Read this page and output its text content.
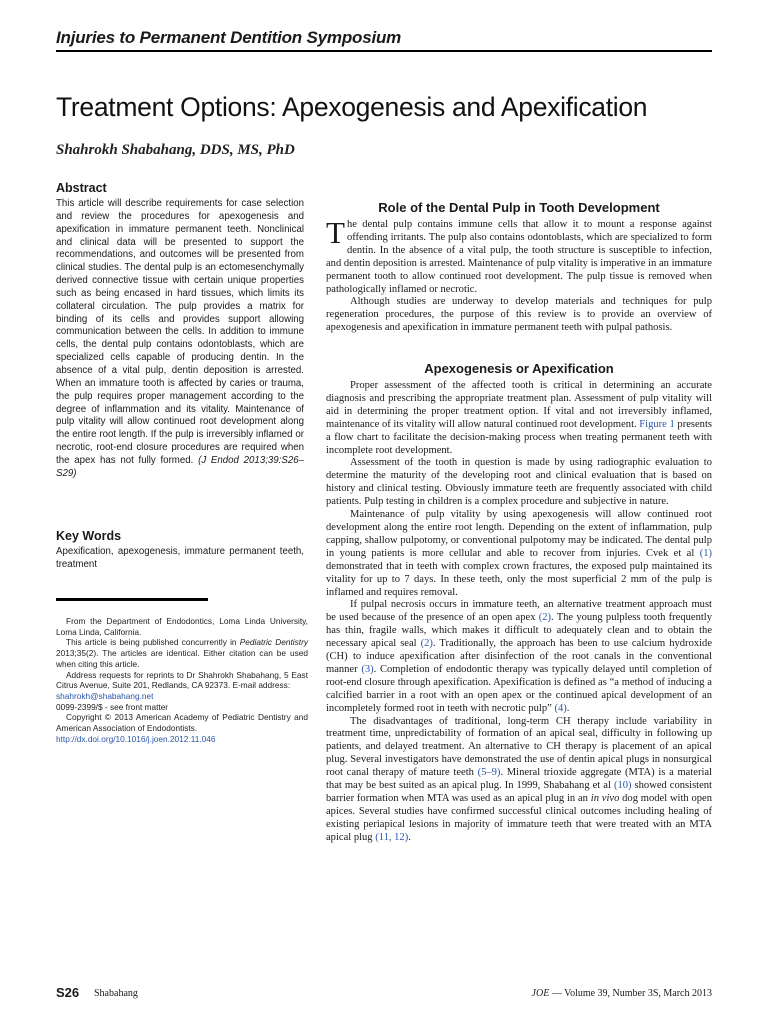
Injuries to Permanent Dentition Symposium
Treatment Options: Apexogenesis and Apexification
Shahrokh Shabahang, DDS, MS, PhD
Abstract
This article will describe requirements for case selection and review the procedures for apexogenesis and apexification in immature permanent teeth. Nonclinical and clinical data will be presented to support the recommendations, and outcomes will be presented from clinical studies. The dental pulp is an ectomesenchymally derived connective tissue with certain unique properties such as being encased in hard tissues, which limits its collateral circulation. The pulp provides a matrix for binding of its cells and provides support allowing communication between the cells. In addition to immune cells, the dental pulp contains odontoblasts, which are specialized cells capable of producing dentin. In the absence of a vital pulp, dentin deposition is arrested. When an immature tooth is affected by caries or trauma, the pulp requires proper management according to the degree of inflammation and its vitality. Maintenance of pulp vitality will allow continued root development along the entire root length. If the pulp is irreversibly inflamed or necrotic, root-end closure procedures are required when the apex has not fully formed. (J Endod 2013;39:S26–S29)
Key Words
Apexification, apexogenesis, immature permanent teeth, treatment

From the Department of Endodontics, Loma Linda University, Loma Linda, California.

This article is being published concurrently in Pediatric Dentistry 2013;35(2). The articles are identical. Either citation can be used when citing this article.

Address requests for reprints to Dr Shahrokh Shabahang, 5 East Citrus Avenue, Suite 201, Redlands, CA 92373. E-mail address:
shahrokh@shabahang.net

0099-2399/$ - see front matter

Copyright © 2013 American Academy of Pediatric Dentistry and American Association of Endodontists.

http://dx.doi.org/10.1016/j.joen.2012.11.046

Role of the Dental Pulp in Tooth Development

The dental pulp contains immune cells that allow it to mount a response against offending irritants. The pulp also contains odontoblasts, which are specialized to form dentin. In the absence of a vital pulp, the tooth structure is susceptible to infection, and dentin deposition is arrested. Maintenance of pulp vitality is imperative in an immature permanent tooth to allow continued root development. The pulp tissue is removed when pathologically inflamed or necrotic.

Although studies are underway to develop materials and techniques for pulp regeneration procedures, the purpose of this review is to provide an overview of apexogenesis and apexification in immature permanent teeth with pulpal pathosis.

Apexogenesis or Apexification

Proper assessment of the affected tooth is critical in determining an accurate diagnosis and prescribing the appropriate treatment plan. Assessment of pulp vitality will aid in determining the proper treatment option. If vital and not irreversibly inflamed, maintenance of its vitality will allow natural continued root development. Figure 1 presents a flow chart to facilitate the decision-making process when treating permanent teeth with incomplete root development.

Assessment of the tooth in question is made by using radiographic evaluation to determine the maturity of the developing root and clinical evaluation that is based on history and clinical testing. Obviously immature teeth are frequently associated with child patients. Pulp testing in children is a complex procedure and subjective in nature.

Maintenance of pulp vitality by using apexogenesis will allow continued root development along the entire root length. Depending on the extent of inflammation, pulp capping, shallow pulpotomy, or conventional pulpotomy may be indicated. The dental pulp in young patients is more cellular and able to recover from injuries. Cvek et al (1) demonstrated that in teeth with complex crown fractures, the exposed pulp maintained its vitality for up to 7 days. In these teeth, only the most superficial 2 mm of the pulp is inflamed and requires removal.

If pulpal necrosis occurs in immature teeth, an alternative treatment approach must be used because of the presence of an open apex (2). The young pulpless tooth frequently has thin, fragile walls, which makes it difficult to adequately clean and to obtain the necessary apical seal (2). Traditionally, the approach has been to use calcium hydroxide (CH) to induce apexification after disinfection of the root canals in the conventional manner (3). Completion of endodontic therapy was typically delayed until completion of root-end closure through apexification. Apexification is defined as “a method of inducing a calcified barrier in a root with an open apex or the continued apical development of an incompletely formed root in teeth with necrotic pulp” (4).

The disadvantages of traditional, long-term CH therapy include variability in treatment time, unpredictability of formation of an apical seal, difficulty in following up patients, and delayed treatment. An alternative to CH therapy is placement of an apical plug. Several investigators have demonstrated the use of dentin apical plugs in nonsurgical root canal therapy of mature teeth (5–9). Mineral trioxide aggregate (MTA) is a material that may be best suited as an apical plug. In 1999, Shabahang et al (10) showed consistent barrier formation when MTA was used as an apical plug in an in vivo dog model with open apices. Several studies have confirmed successful clinical outcomes including healing of existing periapical lesions in majority of immature teeth that were treated with an MTA apical plug (11, 12).

S26 Shabahang	JOE — Volume 39, Number 3S, March 2013
